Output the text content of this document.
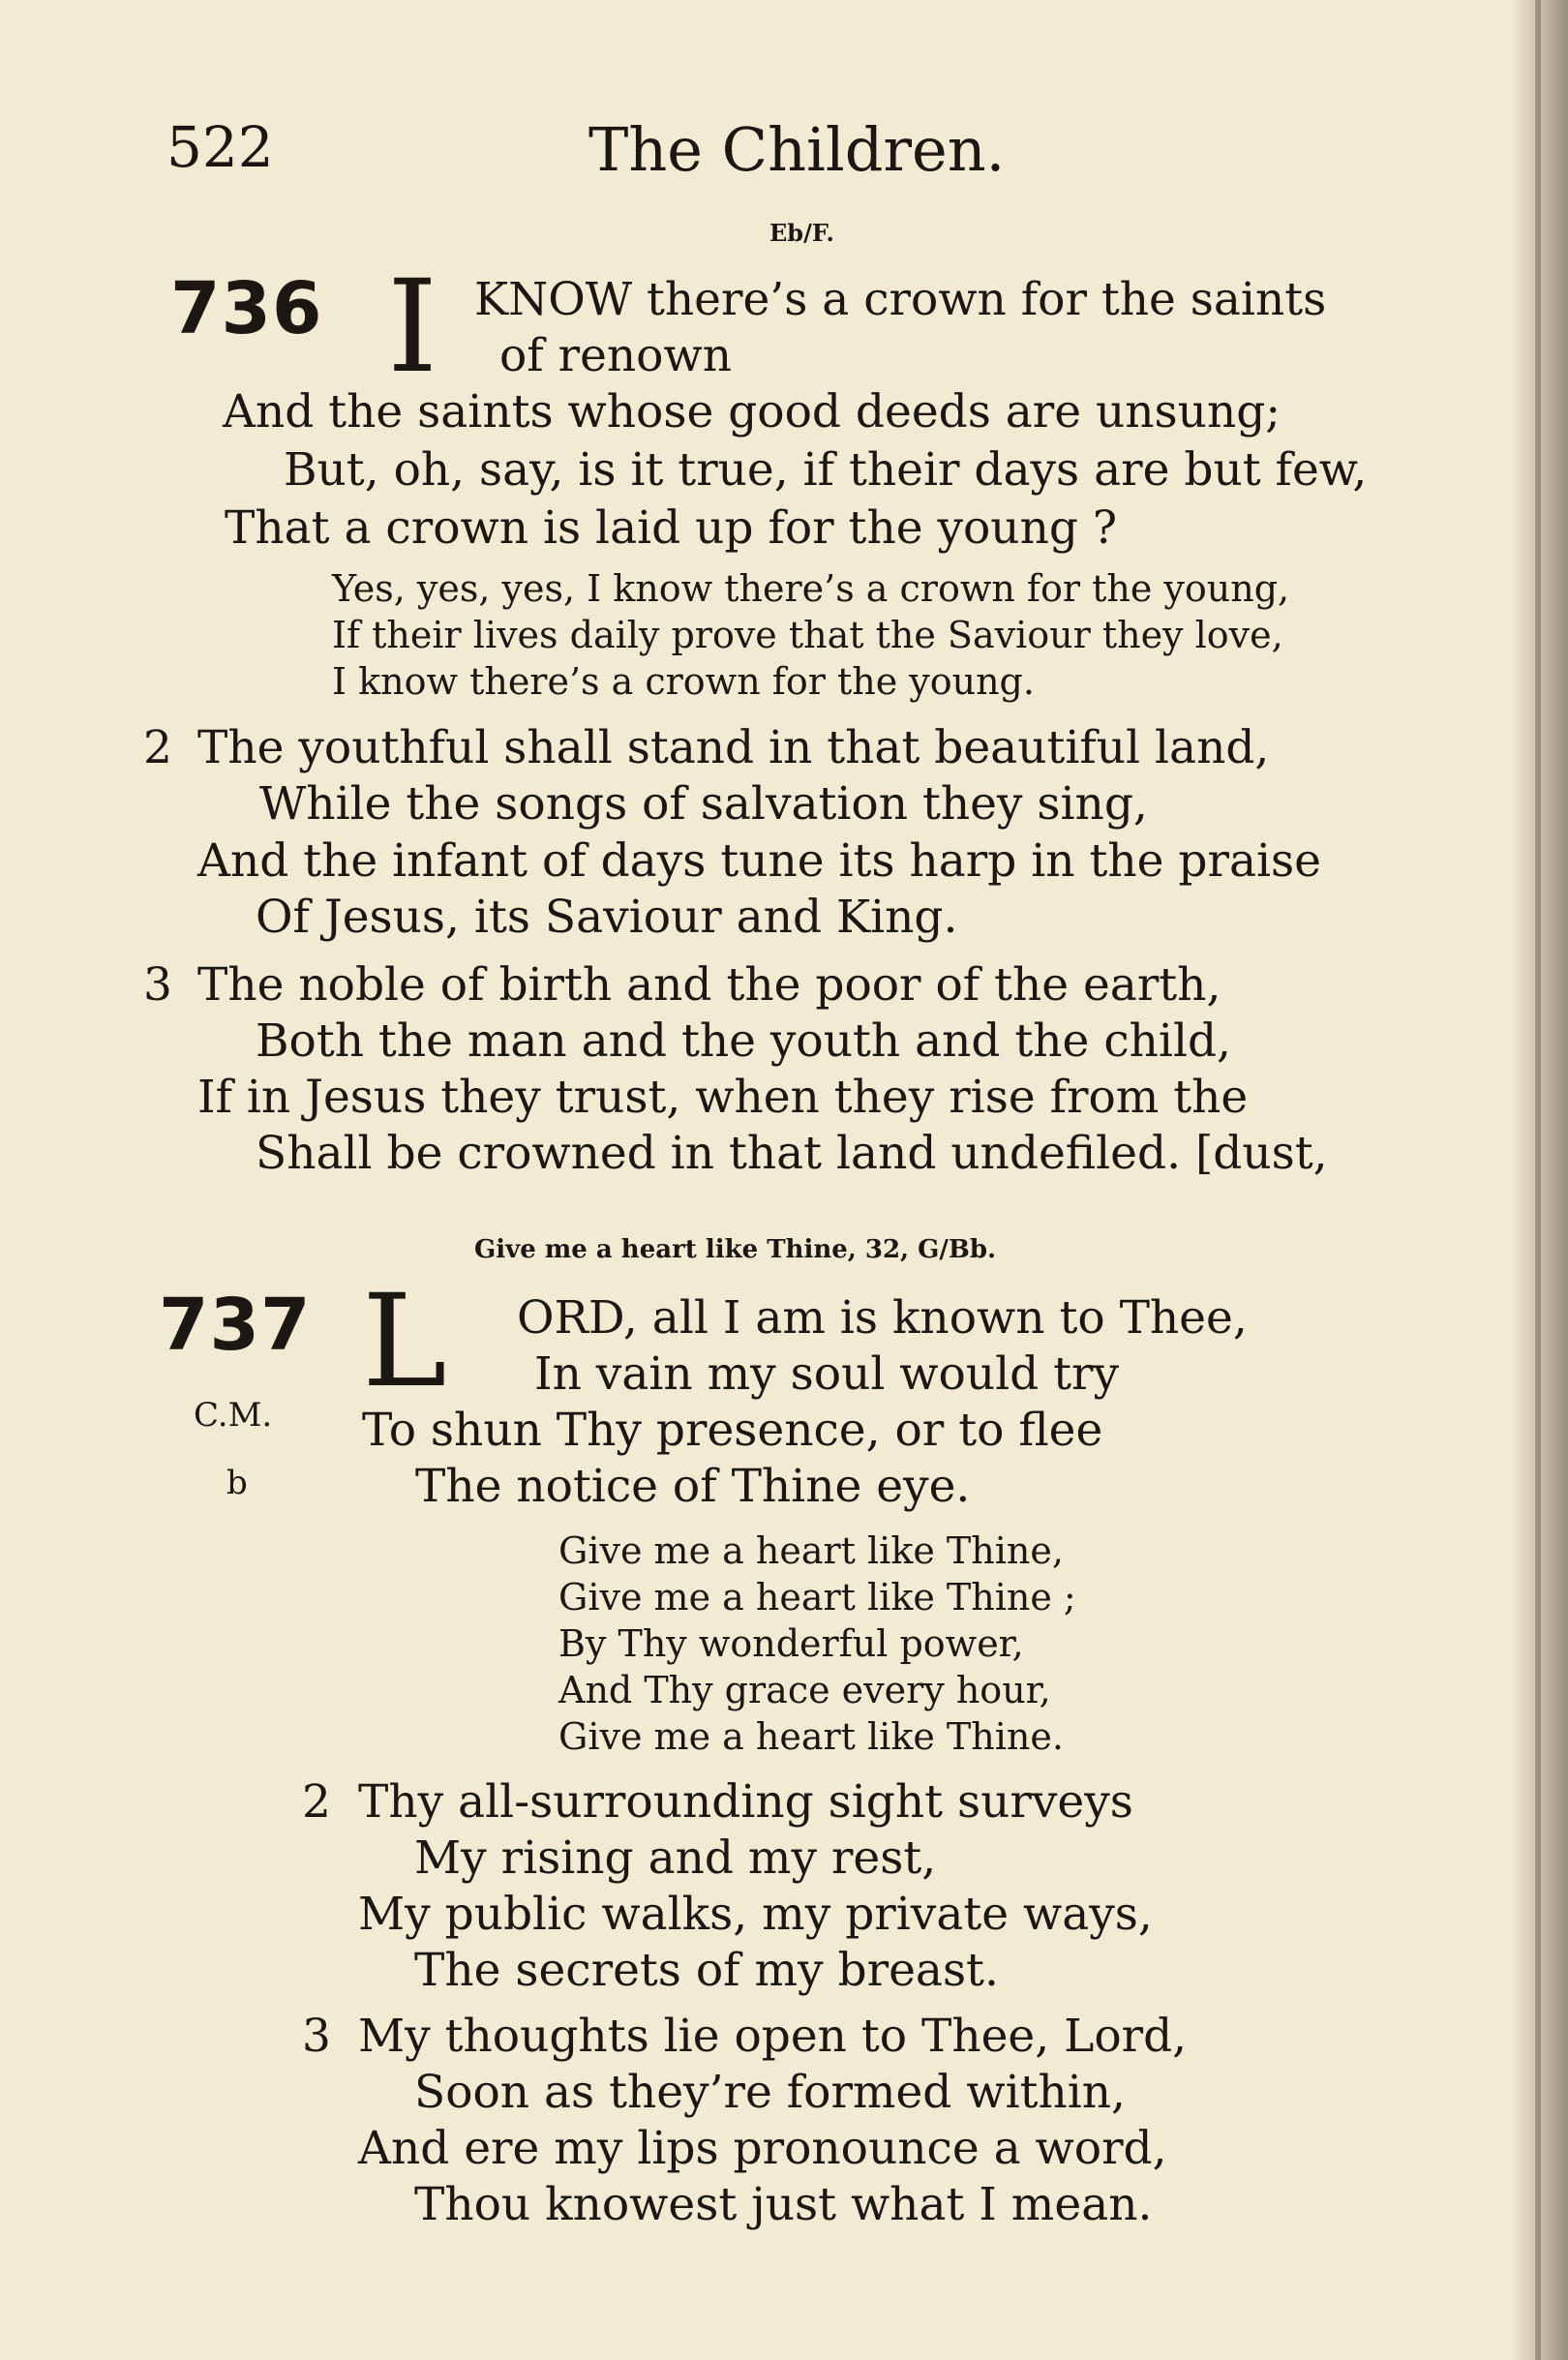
522	The Children.
Eb/F.
736 I KNOW there’s a crown for the saints
of renown
And the saints whose good deeds are unsung;
But, oh, say, is it true, if their days are but few,
That a crown is laid up for the young ?
Yes, yes, yes, I know there’s a crown for the young,
If their lives daily prove that the Saviour they love,
I know there’s a crown for the young.
2 The youthful shall stand in that beautiful land,
While the songs of salvation they sing,
And the infant of days tune its harp in the praise
Of Jesus, its Saviour and King.
3 The noble of birth and the poor of the earth,
Both the man and the youth and the child,
If in Jesus they trust, when they rise from the
Shall be crowned in that land undefiled. [dust,
Give me a heart like Thine, 32, G/Bb.
737
C.M.
b
L ORD, all I am is known to Thee,
In vain my soul would try
To shun Thy presence, or to flee
The notice of Thine eye.
Give me a heart like Thine,
Give me a heart like Thine ;
By Thy wonderful power,
And Thy grace every hour,
Give me a heart like Thine.
2 Thy all-surrounding sight surveys
My rising and my rest,
My public walks, my private ways,
The secrets of my breast.
3 My thoughts lie open to Thee, Lord,
Soon as they’re formed within,
And ere my lips pronounce a word,
Thou knowest just what I mean.
